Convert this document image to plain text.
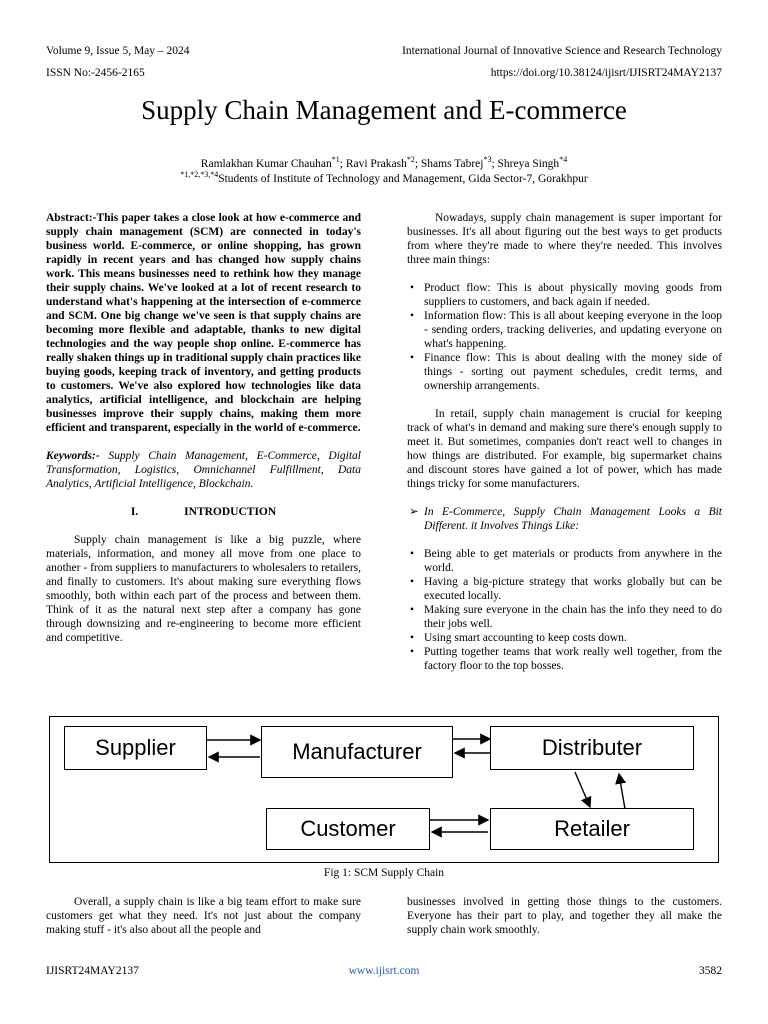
Volume 9, Issue 5, May – 2024	International Journal of Innovative Science and Research Technology
ISSN No:-2456-2165	https://doi.org/10.38124/ijisrt/IJISRT24MAY2137
Supply Chain Management and E-commerce
Ramlakhan Kumar Chauhan$^{*1}$; Ravi Prakash$^{*2}$; Shams Tabrej$^{*3}$; Shreya Singh$^{*4}$
$^{*1,*2,*3,*4}$Students of Institute of Technology and Management, Gida Sector-7, Gorakhpur

Abstract:-This paper takes a close look at how e-commerce and supply chain management (SCM) are connected in today's business world. E-commerce, or online shopping, has grown rapidly in recent years and has changed how supply chains work. This means businesses need to rethink how they manage their supply chains. We've looked at a lot of recent research to understand what's happening at the intersection of e-commerce and SCM. One big change we've seen is that supply chains are becoming more flexible and adaptable, thanks to new digital technologies and the way people shop online. E-commerce has really shaken things up in traditional supply chain practices like buying goods, keeping track of inventory, and getting products to customers. We've also explored how technologies like data analytics, artificial intelligence, and blockchain are helping businesses improve their supply chains, making them more efficient and transparent, especially in the world of e-commerce.

Keywords:- Supply Chain Management, E-Commerce, Digital Transformation, Logistics, Omnichannel Fulfillment, Data Analytics, Artificial Intelligence, Blockchain.

I.	INTRODUCTION

Supply chain management is like a big puzzle, where materials, information, and money all move from one place to another - from suppliers to manufacturers to wholesalers to retailers, and finally to customers. It's about making sure everything flows smoothly, both within each part of the process and between them. Think of it as the natural next step after a company has gone through downsizing and re-engineering to become more efficient and competitive.

Nowadays, supply chain management is super important for businesses. It's all about figuring out the best ways to get products from where they're made to where they're needed. This involves three main things:

• Product flow: This is about physically moving goods from suppliers to customers, and back again if needed.
• Information flow: This is all about keeping everyone in the loop - sending orders, tracking deliveries, and updating everyone on what's happening.
• Finance flow: This is about dealing with the money side of things - sorting out payment schedules, credit terms, and ownership arrangements.

In retail, supply chain management is crucial for keeping track of what's in demand and making sure there's enough supply to meet it. But sometimes, companies don't react well to changes in how things are distributed. For example, big supermarket chains and discount stores have gained a lot of power, which has made things tricky for some manufacturers.

➢ In E-Commerce, Supply Chain Management Looks a Bit Different. it Involves Things Like:
• Being able to get materials or products from anywhere in the world.
• Having a big-picture strategy that works globally but can be executed locally.
• Making sure everyone in the chain has the info they need to do their jobs well.
• Using smart accounting to keep costs down.
• Putting together teams that work really well together, from the factory floor to the top bosses.
Supplier	Manufacturer	Distributer
Customer	Retailer
Fig 1: SCM Supply Chain

Overall, a supply chain is like a big team effort to make sure customers get what they need. It's not just about the company making stuff - it's also about all the people and

businesses involved in getting those things to the customers. Everyone has their part to play, and together they all make the supply chain work smoothly.

IJISRT24MAY2137	www.ijisrt.com	3582
